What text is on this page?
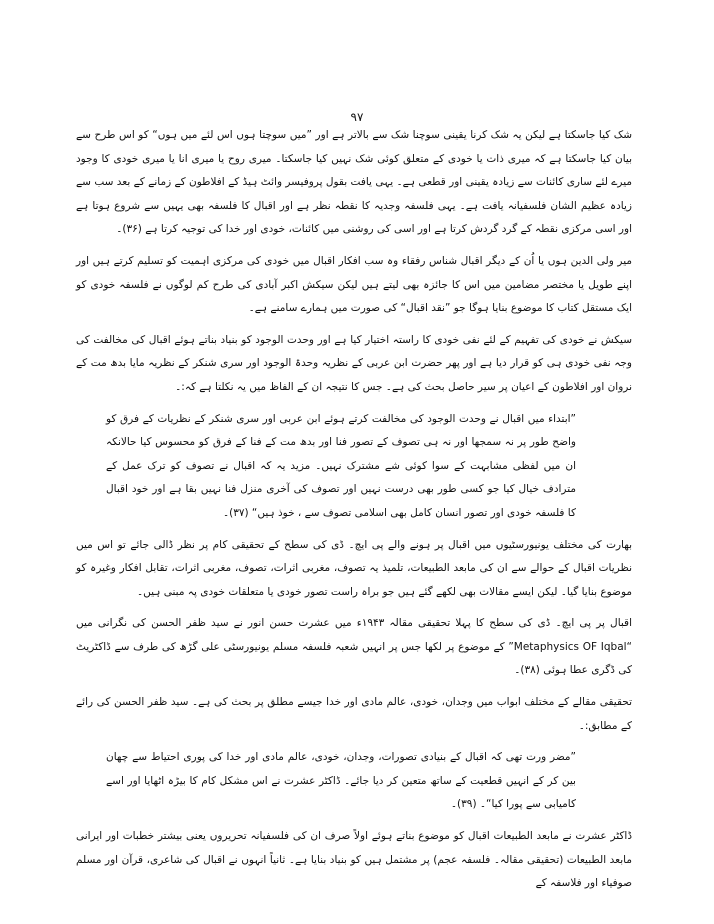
۹۷

شک کیا جاسکتا ہے لیکن یہ شک کرنا یقینی سوچنا شک سے بالاتر ہے اور ”میں سوچتا ہوں اس لئے میں ہوں“ کو اس طرح سے بیان کیا جاسکتا ہے کہ میری ذات یا خودی کے متعلق کوئی شک نہیں کیا جاسکتا۔ میری روح یا میری انا یا میری خودی کا وجود میرے لئے ساری کائنات سے زیادہ یقینی اور قطعی ہے۔ یہی یافت بقول پروفیسر وائٹ ہیڈ کے افلاطون کے زمانے کے بعد سب سے زیادہ عظیم الشان فلسفیانہ یافت ہے۔ یہی فلسفہ وجدیہ کا نقطہ نظر ہے اور اقبال کا فلسفہ بھی یہیں سے شروع ہوتا ہے اور اسی مرکزی نقطہ کے گرد گردش کرتا ہے اور اسی کی روشنی میں کائنات، خودی اور خدا کی توجیہ کرتا ہے (۳۶)۔

میر ولی الدین ہوں یا اُن کے دیگر اقبال شناس رفقاء وہ سب افکار اقبال میں خودی کی مرکزی اہمیت کو تسلیم کرتے ہیں اور اپنے طویل یا مختصر مضامین میں اس کا جائزہ بھی لیتے ہیں لیکن سیکش اکبر آبادی کی طرح کم لوگوں نے فلسفہ خودی کو ایک مستقل کتاب کا موضوع بنایا ہوگا جو ”نقد اقبال“ کی صورت میں ہمارے سامنے ہے۔

سیکش نے خودی کی تفہیم کے لئے نفی خودی کا راستہ اختیار کیا ہے اور وحدت الوجود کو بنیاد بناتے ہوئے اقبال کی مخالفت کی وجہ نفی خودی ہی کو قرار دیا ہے اور پھر حضرت ابن عربی کے نظریہ وحدۃ الوجود اور سری شنکر کے نظریہ مایا بدھ مت کے نروان اور افلاطون کے اعیان پر سیر حاصل بحث کی ہے۔ جس کا نتیجہ ان کے الفاظ میں یہ نکلتا ہے کہ:۔

”ابتداء میں اقبال نے وحدت الوجود کی مخالفت کرتے ہوئے ابن عربی اور سری شنکر کے نظریات کے فرق کو واضح طور پر نہ سمجھا اور نہ ہی تصوف کے تصور فنا اور بدھ مت کے فنا کے فرق کو محسوس کیا حالانکہ ان میں لفظی مشابہت کے سوا کوئی شے مشترک نہیں۔ مزید یہ کہ اقبال نے تصوف کو ترک عمل کے مترادف خیال کیا جو کسی طور بھی درست نہیں اور تصوف کی آخری منزل فنا نہیں بقا ہے اور خود اقبال کا فلسفہ خودی اور تصور انسان کامل بھی اسلامی تصوف سے ، خوذ ہیں“ (۳۷)۔

بھارت کی مختلف یونیورسٹیوں میں اقبال پر ہونے والے پی ایچ۔ ڈی کی سطح کے تحقیقی کام پر نظر ڈالی جائے تو اس میں نظریات اقبال کے حوالے سے ان کی مابعد الطبیعات، تلمیذ یہ تصوف، مغربی اثرات، تصوف، مغربی اثرات، تقابل افکار وغیرہ کو موضوع بنایا گیا۔ لیکن ایسے مقالات بھی لکھے گئے ہیں جو براہ راست تصور خودی یا متعلقات خودی پہ مبنی ہیں۔

اقبال پر پی ایچ۔ ڈی کی سطح کا پہلا تحقیقی مقالہ ۱۹۴۳ء میں عشرت حسن انور نے سید ظفر الحسن کی نگرانی میں “Metaphysics OF Iqbal” کے موضوع پر لکھا جس پر انہیں شعبہ فلسفہ مسلم یونیورسٹی علی گڑھ کی طرف سے ڈاکٹریٹ کی ڈگری عطا ہوئی (۳۸)۔

تحقیقی مقالے کے مختلف ابواب میں وجدان، خودی، عالم مادی اور خدا جیسے مطلق پر بحث کی ہے۔ سید ظفر الحسن کی رائے کے مطابق:۔

”مضر ورت تھی کہ اقبال کے بنیادی تصورات، وجدان، خودی، عالم مادی اور خدا کی پوری احتیاط سے چھان بین کر کے انہیں قطعیت کے ساتھ متعین کر دیا جائے۔ ڈاکٹر عشرت نے اس مشکل کام کا بیڑہ اٹھایا اور اسے کامیابی سے پورا کیا“۔ (۳۹)۔

ڈاکٹر عشرت نے مابعد الطبیعات اقبال کو موضوع بناتے ہوئے اولاً صرف ان کی فلسفیانہ تحریروں یعنی بیشتر خطبات اور ایرانی مابعد الطبیعات (تحقیقی مقالہ۔ فلسفہ عجم) پر مشتمل ہیں کو بنیاد بنایا ہے۔ ثانیاً انہوں نے اقبال کی شاعری، قرآن اور مسلم صوفیاء اور فلاسفہ کے
